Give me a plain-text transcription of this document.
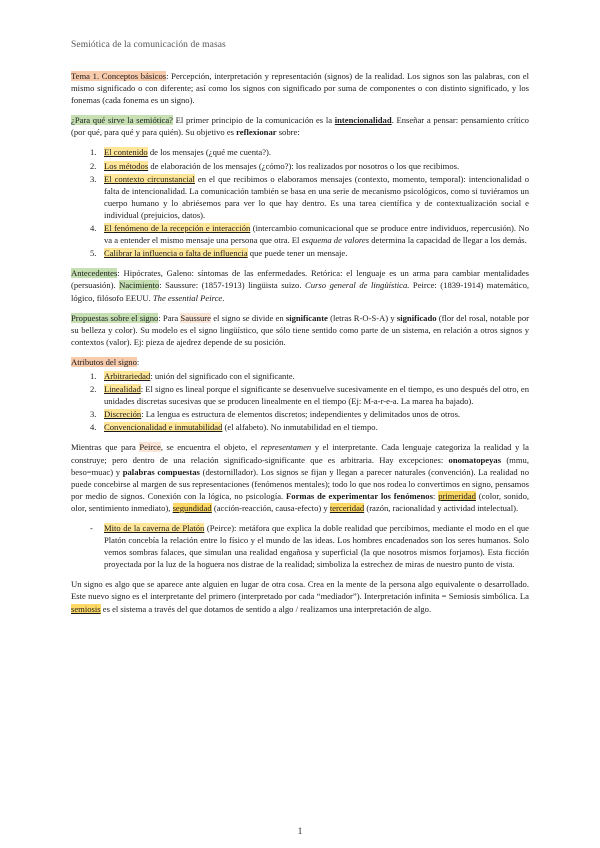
Semiótica de la comunicación de masas

Tema 1. Conceptos básicos: Percepción, interpretación y representación (signos) de la realidad. Los signos son las palabras, con el mismo significado o con diferente; así como los signos con significado por suma de componentes o con distinto significado, y los fonemas (cada fonema es un signo).

¿Para qué sirve la semiótica? El primer principio de la comunicación es la intencionalidad. Enseñar a pensar: pensamiento crítico (por qué, para qué y para quién). Su objetivo es reflexionar sobre:

1. El contenido de los mensajes (¿qué me cuenta?).
2. Los métodos de elaboración de los mensajes (¿cómo?): los realizados por nosotros o los que recibimos.
3. El contexto circunstancial en el que recibimos o elaboramos mensajes (contexto, momento, temporal): intencionalidad o falta de intencionalidad. La comunicación también se basa en una serie de mecanismo psicológicos, como si tuviéramos un cuerpo humano y lo abriésemos para ver lo que hay dentro. Es una tarea científica y de contextualización social e individual (prejuicios, datos).
4. El fenómeno de la recepción e interacción (intercambio comunicacional que se produce entre individuos, repercusión). No va a entender el mismo mensaje una persona que otra. El esquema de valores determina la capacidad de llegar a los demás.
5. Calibrar la influencia o falta de influencia que puede tener un mensaje.

Antecedentes: Hipócrates, Galeno: síntomas de las enfermedades. Retórica: el lenguaje es un arma para cambiar mentalidades (persuasión). Nacimiento: Saussure: (1857-1913) lingüista suizo. Curso general de lingüística. Peirce: (1839-1914) matemático, lógico, filósofo EEUU. The essential Peirce.

Propuestas sobre el signo: Para Saussure el signo se divide en significante (letras R-O-S-A) y significado (flor del rosal, notable por su belleza y color). Su modelo es el signo lingüístico, que sólo tiene sentido como parte de un sistema, en relación a otros signos y contextos (valor). Ej: pieza de ajedrez depende de su posición.

Atributos del signo:

1. Arbitrariedad: unión del significado con el significante.
2. Linealidad: El signo es lineal porque el significante se desenvuelve sucesivamente en el tiempo, es uno después del otro, en unidades discretas sucesivas que se producen linealmente en el tiempo (Ej: M-a-r-e-a. La marea ha bajado).
3. Discreción: La lengua es estructura de elementos discretos; independientes y delimitados unos de otros.
4. Convencionalidad e inmutabilidad (el alfabeto). No inmutabilidad en el tiempo.

Mientras que para Peirce, se encuentra el objeto, el representamen y el interpretante. Cada lenguaje categoriza la realidad y la construye; pero dentro de una relación significado-significante que es arbitraria. Hay excepciones: onomatopeyas (mmu, beso=muac) y palabras compuestas (destornillador). Los signos se fijan y llegan a parecer naturales (convención). La realidad no puede concebirse al margen de sus representaciones (fenómenos mentales); todo lo que nos rodea lo convertimos en signo, pensamos por medio de signos. Conexión con la lógica, no psicología. Formas de experimentar los fenómenos: primeridad (color, sonido, olor, sentimiento inmediato), segundidad (acción-reacción, causa-efecto) y terceridad (razón, racionalidad y actividad intelectual).

- Mito de la caverna de Platón (Peirce): metáfora que explica la doble realidad que percibimos, mediante el modo en el que Platón concebía la relación entre lo físico y el mundo de las ideas. Los hombres encadenados son los seres humanos. Solo vemos sombras falaces, que simulan una realidad engañosa y superficial (la que nosotros mismos forjamos). Esta ficción proyectada por la luz de la hoguera nos distrae de la realidad; simboliza la estrechez de miras de nuestro punto de vista.

Un signo es algo que se aparece ante alguien en lugar de otra cosa. Crea en la mente de la persona algo equivalente o desarrollado. Este nuevo signo es el interpretante del primero (interpretado por cada “mediador”). Interpretación infinita = Semiosis simbólica. La semiosis es el sistema a través del que dotamos de sentido a algo / realizamos una interpretación de algo.

1
